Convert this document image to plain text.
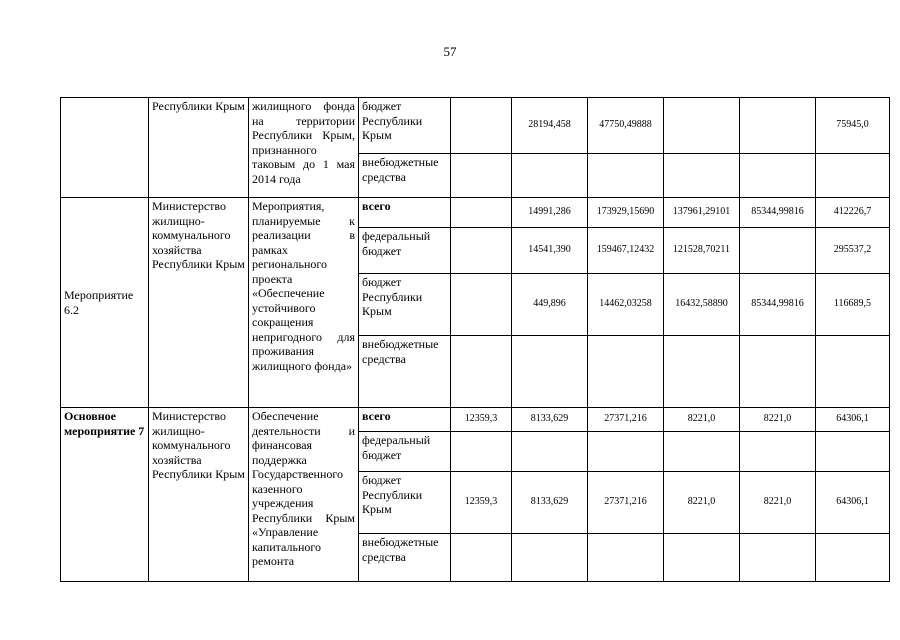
57
	Республики Крым	жилищного фонда на территории Республики Крым, признанного таковым до 1 мая 2014 года	бюджет Республики Крым		28194,458	47750,49888			75945,0
			внебюджетные средства						
Мероприятие 6.2	Министерство жилищно-коммунального хозяйства Республики Крым	Мероприятия, планируемые к реализации в рамках регионального проекта «Обеспечение устойчивого сокращения непригодного для проживания жилищного фонда»	всего		14991,286	173929,15690	137961,29101	85344,99816	412226,7
			федеральный бюджет		14541,390	159467,12432	121528,70211		295537,2
			бюджет Республики Крым		449,896	14462,03258	16432,58890	85344,99816	116689,5
			внебюджетные средства						
Основное мероприятие 7	Министерство жилищно-коммунального хозяйства Республики Крым	Обеспечение деятельности и финансовая поддержка Государственного казенного учреждения Республики Крым «Управление капитального ремонта	всего	12359,3	8133,629	27371,216	8221,0	8221,0	64306,1
			федеральный бюджет						
			бюджет Республики Крым	12359,3	8133,629	27371,216	8221,0	8221,0	64306,1
			внебюджетные средства						
